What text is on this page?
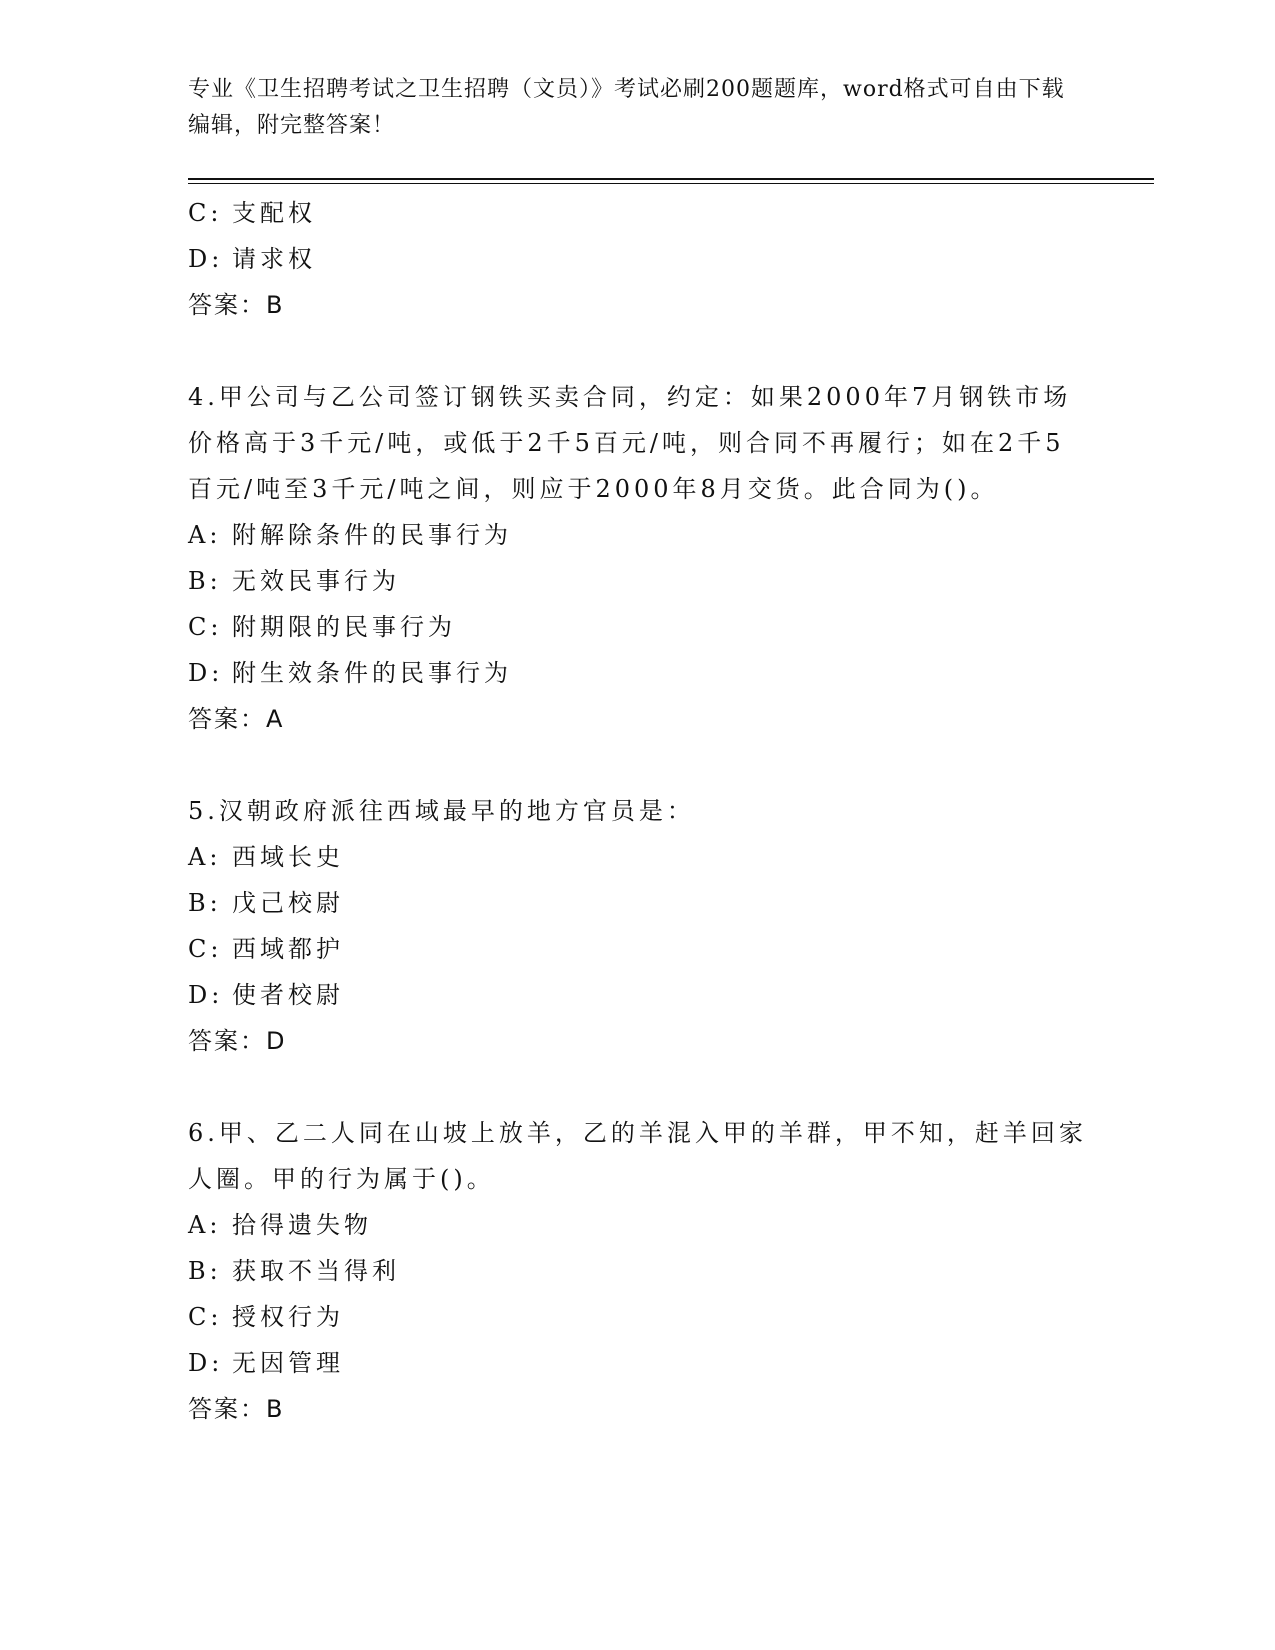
专业《卫生招聘考试之卫生招聘（文员）》考试必刷200题题库，word格式可自由下载编辑，附完整答案！
C: 支配权
D: 请求权
答案：B
4.甲公司与乙公司签订钢铁买卖合同，约定：如果2000年7月钢铁市场价格高于3千元/吨，或低于2千5百元/吨，则合同不再履行；如在2千5百元/吨至3千元/吨之间，则应于2000年8月交货。此合同为()。
A: 附解除条件的民事行为
B: 无效民事行为
C: 附期限的民事行为
D: 附生效条件的民事行为
答案：A
5.汉朝政府派往西域最早的地方官员是：
A: 西域长史
B: 戊己校尉
C: 西域都护
D: 使者校尉
答案：D
6.甲、乙二人同在山坡上放羊，乙的羊混入甲的羊群，甲不知，赶羊回家人圈。甲的行为属于()。
A: 拾得遗失物
B: 获取不当得利
C: 授权行为
D: 无因管理
答案：B
